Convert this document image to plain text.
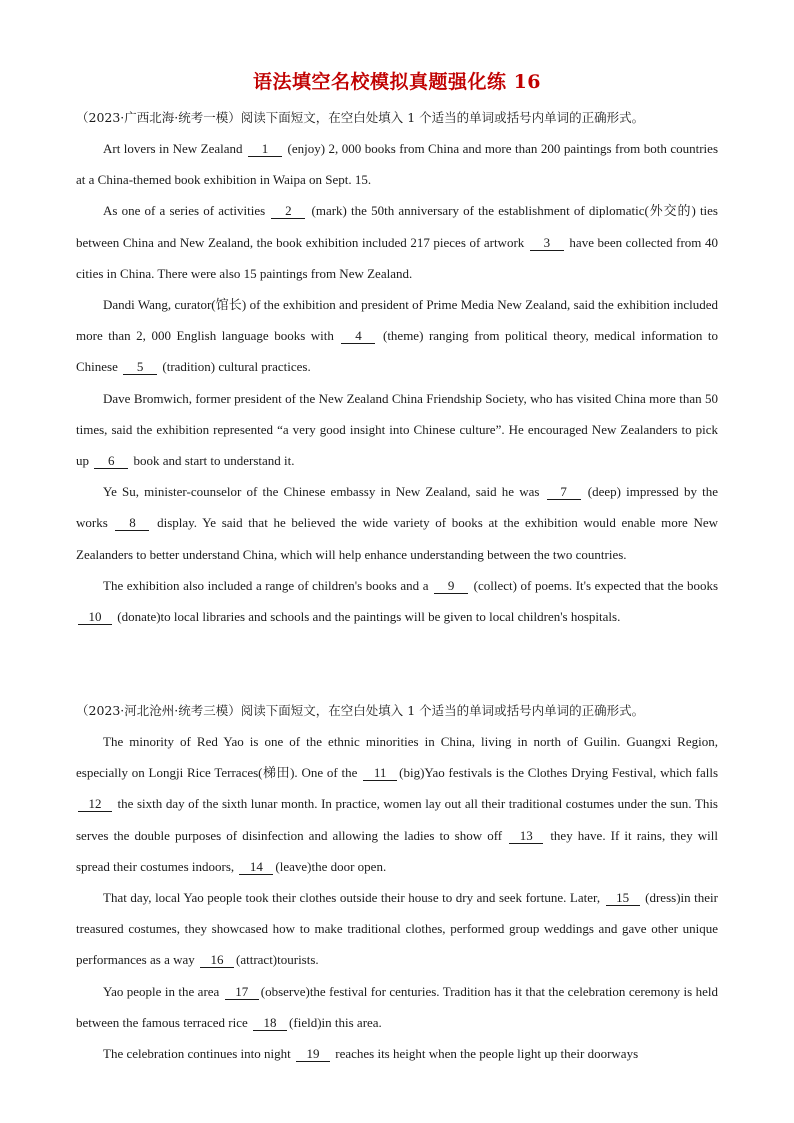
语法填空名校模拟真题强化练 16

（2023·广西北海·统考一模）阅读下面短文，在空白处填入 1 个适当的单词或括号内单词的正确形式。

Art lovers in New Zealand 1 (enjoy) 2, 000 books from China and more than 200 paintings from both countries at a China-themed book exhibition in Waipa on Sept. 15.

As one of a series of activities 2 (mark) the 50th anniversary of the establishment of diplomatic(外交的) ties between China and New Zealand, the book exhibition included 217 pieces of artwork 3 have been collected from 40 cities in China. There were also 15 paintings from New Zealand.

Dandi Wang, curator(馆长) of the exhibition and president of Prime Media New Zealand, said the exhibition included more than 2, 000 English language books with 4 (theme) ranging from political theory, medical information to Chinese 5 (tradition) cultural practices.

Dave Bromwich, former president of the New Zealand China Friendship Society, who has visited China more than 50 times, said the exhibition represented “a very good insight into Chinese culture”. He encouraged New Zealanders to pick up 6 book and start to understand it.

Ye Su, minister-counselor of the Chinese embassy in New Zealand, said he was 7 (deep) impressed by the works 8 display. Ye said that he believed the wide variety of books at the exhibition would enable more New Zealanders to better understand China, which will help enhance understanding between the two countries.

The exhibition also included a range of children's books and a 9 (collect) of poems. It's expected that the books 10 (donate)to local libraries and schools and the paintings will be given to local children's hospitals.

（2023·河北沧州·统考三模）阅读下面短文，在空白处填入 1 个适当的单词或括号内单词的正确形式。

The minority of Red Yao is one of the ethnic minorities in China, living in north of Guilin. Guangxi Region, especially on Longji Rice Terraces(梯田). One of the 11 (big)Yao festivals is the Clothes Drying Festival, which falls 12 the sixth day of the sixth lunar month. In practice, women lay out all their traditional costumes under the sun. This serves the double purposes of disinfection and allowing the ladies to show off 13 they have. If it rains, they will spread their costumes indoors, 14 (leave)the door open.

That day, local Yao people took their clothes outside their house to dry and seek fortune. Later, 15 (dress)in their treasured costumes, they showcased how to make traditional clothes, performed group weddings and gave other unique performances as a way 16 (attract)tourists.

Yao people in the area 17 (observe)the festival for centuries. Tradition has it that the celebration ceremony is held between the famous terraced rice 18 (field)in this area.

The celebration continues into night 19 reaches its height when the people light up their doorways
